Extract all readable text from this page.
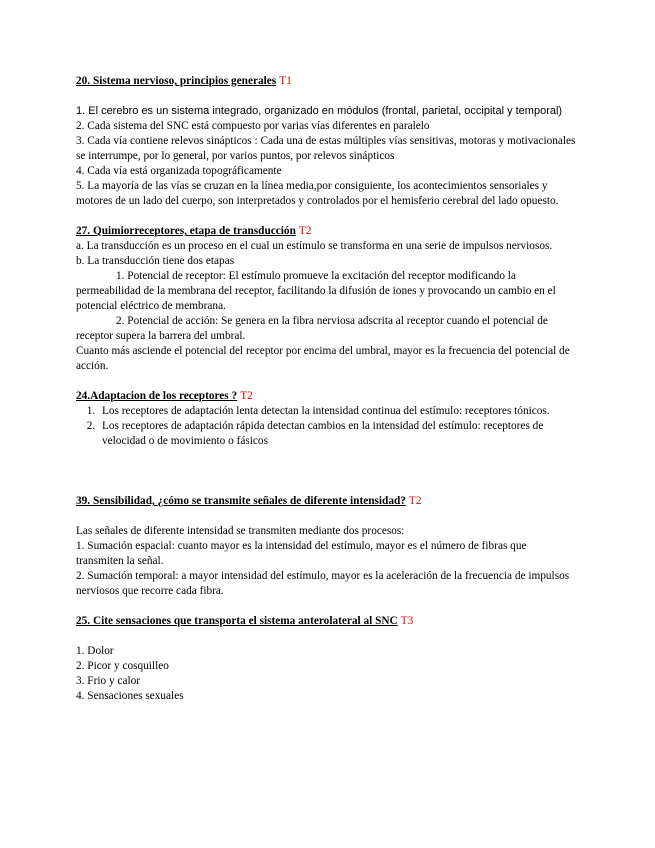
20. Sistema nervioso, principios generales T1

1. El cerebro es un sistema integrado, organizado en módulos (frontal, parietal, occipital y temporal)

2. Cada sistema del SNC está compuesto por varias vías diferentes en paralelo

3. Cada vía contiene relevos sinápticos : Cada una de estas múltiples vías sensitivas, motoras y motivacionales se interrumpe, por lo general, por varios puntos, por relevos sinápticos

4. Cada vía está organizada topográficamente

5. La mayoría de las vías se cruzan en la línea media,por consiguiente, los acontecimientos sensoriales y motores de un lado del cuerpo, son interpretados y controlados por el hemisferio cerebral del lado opuesto.

27. Quimiorreceptores, etapa de transducción T2

a. La transducción es un proceso en el cual un estímulo se transforma en una serie de impulsos nerviosos.

b. La transducción tiene dos etapas

1. Potencial de receptor: El estímulo promueve la excitación del receptor modificando la permeabilidad de la membrana del receptor, facilitando la difusión de iones y provocando un cambio en el potencial eléctrico de membrana.

2. Potencial de acción: Se genera en la fibra nerviosa adscrita al receptor cuando el potencial de receptor supera la barrera del umbral.

Cuanto más asciende el potencial del receptor por encima del umbral, mayor es la frecuencia del potencial de acción.

24.Adaptacion de los receptores ? T2
1. Los receptores de adaptación lenta detectan la intensidad continua del estímulo: receptores tónicos.
2. Los receptores de adaptación rápida detectan cambios en la intensidad del estímulo: receptores de velocidad o de movimiento o fásicos
39. Sensibilidad, ¿cómo se transmite señales de diferente intensidad? T2

Las señales de diferente intensidad se transmiten mediante dos procesos:

1. Sumación espacial: cuanto mayor es la intensidad del estímulo, mayor es el número de fibras que transmiten la señal.

2. Sumación temporal: a mayor intensidad del estímulo, mayor es la aceleración de la frecuencia de impulsos nerviosos que recorre cada fibra.

25. Cite sensaciones que transporta el sistema anterolateral al SNC T3
1. Dolor
2. Picor y cosquilleo
3. Frio y calor
4. Sensaciones sexuales
